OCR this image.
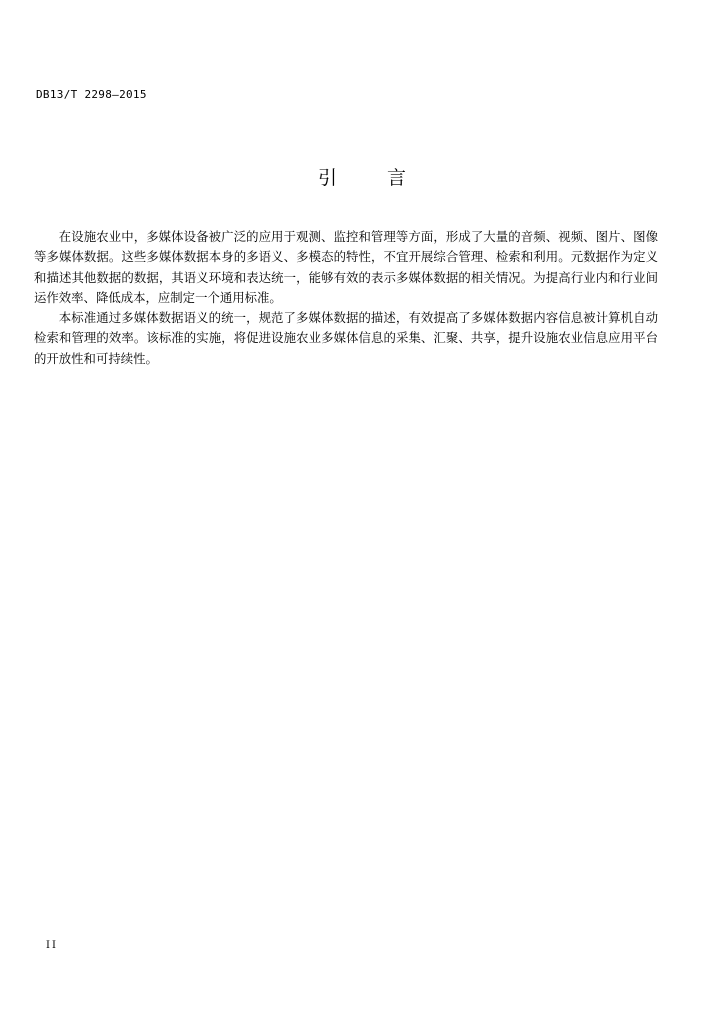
DB13/T 2298—2015
引 言

在设施农业中，多媒体设备被广泛的应用于观测、监控和管理等方面，形成了大量的音频、视频、图片、图像等多媒体数据。这些多媒体数据本身的多语义、多模态的特性，不宜开展综合管理、检索和利用。元数据作为定义和描述其他数据的数据，其语义环境和表达统一，能够有效的表示多媒体数据的相关情况。为提高行业内和行业间运作效率、降低成本，应制定一个通用标准。

本标准通过多媒体数据语义的统一，规范了多媒体数据的描述，有效提高了多媒体数据内容信息被计算机自动检索和管理的效率。该标准的实施，将促进设施农业多媒体信息的采集、汇聚、共享，提升设施农业信息应用平台的开放性和可持续性。

II
